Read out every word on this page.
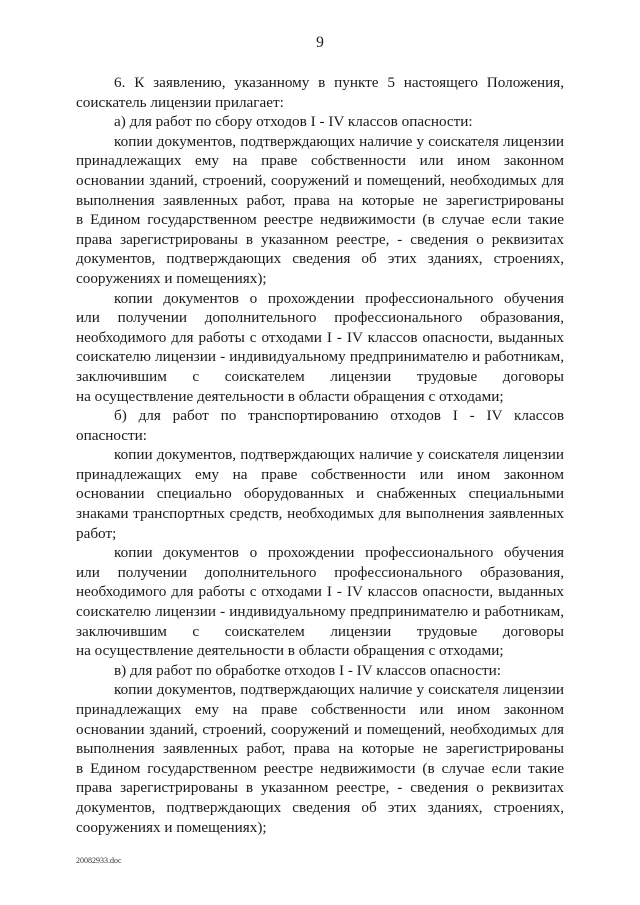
9
6. К заявлению, указанному в пункте 5 настоящего Положения,
соискатель лицензии прилагает:
а) для работ по сбору отходов I - IV классов опасности:
копии документов, подтверждающих наличие у соискателя лицензии
принадлежащих ему на праве собственности или ином законном
основании зданий, строений, сооружений и помещений, необходимых для
выполнения заявленных работ, права на которые не зарегистрированы
в Едином государственном реестре недвижимости (в случае если такие
права зарегистрированы в указанном реестре, - сведения о реквизитах
документов, подтверждающих сведения об этих зданиях, строениях,
сооружениях и помещениях);
копии документов о прохождении профессионального обучения
или получении дополнительного профессионального образования,
необходимого для работы с отходами I - IV классов опасности, выданных
соискателю лицензии - индивидуальному предпринимателю и работникам,
заключившим с соискателем лицензии трудовые договоры
на осуществление деятельности в области обращения с отходами;
б) для работ по транспортированию отходов I - IV классов
опасности:
копии документов, подтверждающих наличие у соискателя лицензии
принадлежащих ему на праве собственности или ином законном
основании специально оборудованных и снабженных специальными
знаками транспортных средств, необходимых для выполнения заявленных
работ;
копии документов о прохождении профессионального обучения
или получении дополнительного профессионального образования,
необходимого для работы с отходами I - IV классов опасности, выданных
соискателю лицензии - индивидуальному предпринимателю и работникам,
заключившим с соискателем лицензии трудовые договоры
на осуществление деятельности в области обращения с отходами;
в) для работ по обработке отходов I - IV классов опасности:
копии документов, подтверждающих наличие у соискателя лицензии
принадлежащих ему на праве собственности или ином законном
основании зданий, строений, сооружений и помещений, необходимых для
выполнения заявленных работ, права на которые не зарегистрированы
в Едином государственном реестре недвижимости (в случае если такие
права зарегистрированы в указанном реестре, - сведения о реквизитах
документов, подтверждающих сведения об этих зданиях, строениях,
сооружениях и помещениях);
20082933.doc
